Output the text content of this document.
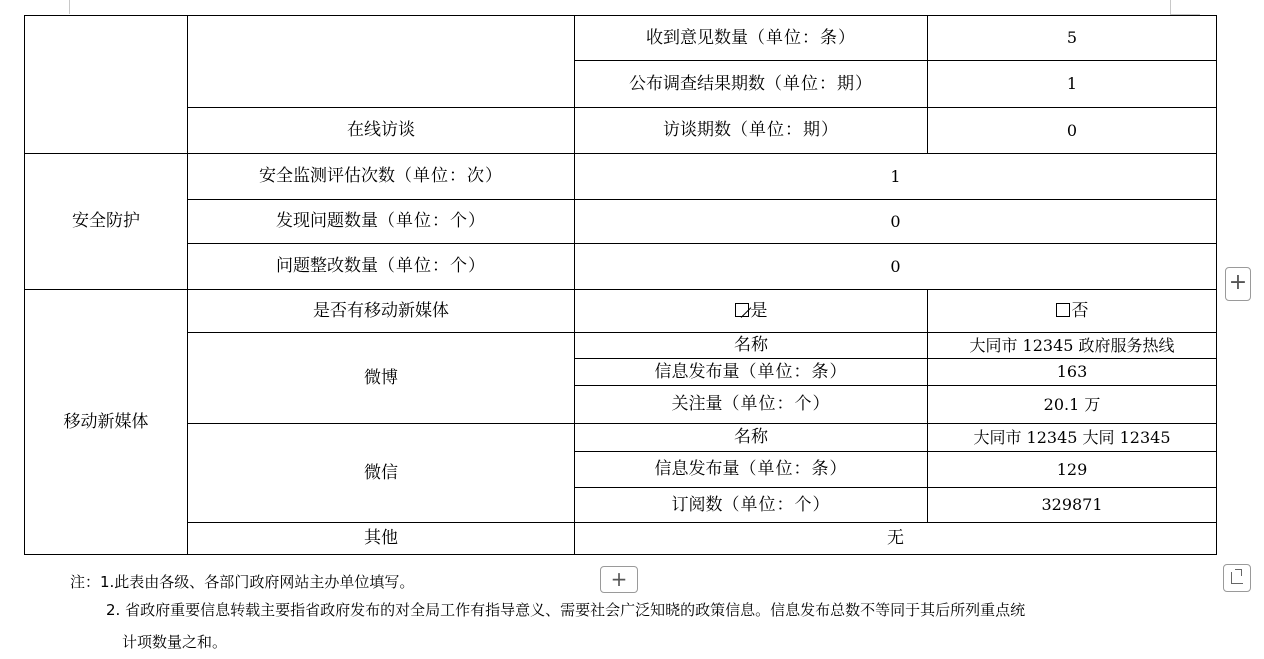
		收到意见数量（单位：条）	5
		公布调查结果期数（单位：期）	1
	在线访谈	访谈期数（单位：期）	0
安全防护	安全监测评估次数（单位：次）	1	
	发现问题数量（单位：个）	0	
	问题整改数量（单位：个）	0	
移动新媒体	是否有移动新媒体	是	否
	微博	名称	大同市 12345 政府服务热线
		信息发布量（单位：条）	163
		关注量（单位：个）	20.1 万
	微信	名称	大同市 12345 大同 12345
		信息发布量（单位：条）	129
		订阅数（单位：个）	329871
	其他	无	
+
+
注：1.此表由各级、各部门政府网站主办单位填写。
2. 省政府重要信息转载主要指省政府发布的对全局工作有指导意义、需要社会广泛知晓的政策信息。信息发布总数不等同于其后所列重点统
计项数量之和。
